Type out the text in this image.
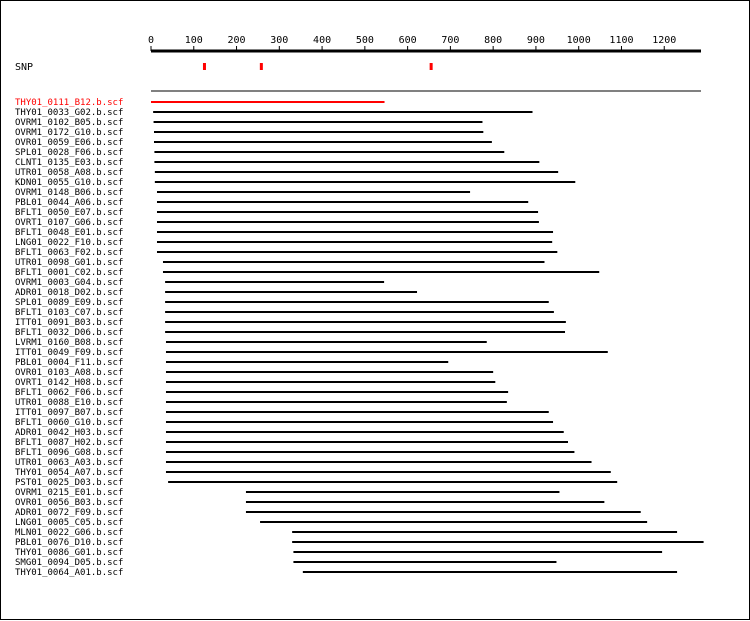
0	100 200 300 400 500 600 700 800 900 1000 1100 1200
SNP
THY01_0111_B12.b.scf
THY01_0033_G02.b.scf
OVRM1_0102_B05.b.scf
OVRM1_0172_G10.b.scf
OVR01_0059_E06.b.scf
SPL01_0028_F06.b.scf
CLNT1_0135_E03.b.scf
UTR01_0058_A08.b.scf
KDN01_0055_G10.b.scf
OVRM1_0148_B06.b.scf
PBL01_0044_A06.b.scf
BFLT1_0050_E07.b.scf
OVRT1_0107_G06.b.scf
BFLT1_0048_E01.b.scf
LNG01_0022_F10.b.scf
BFLT1_0063_F02.b.scf
UTR01_0098_G01.b.scf
BFLT1_0001_C02.b.scf
OVRM1_0003_G04.b.scf
ADR01_0018_D02.b.scf
SPL01_0089_E09.b.scf
BFLT1_0103_C07.b.scf
ITT01_0091_B03.b.scf
BFLT1_0032_D06.b.scf
LVRM1_0160_B08.b.scf
ITT01_0049_F09.b.scf
PBL01_0004_F11.b.scf
OVR01_0103_A08.b.scf
OVRT1_0142_H08.b.scf
BFLT1_0062_F06.b.scf
UTR01_0088_E10.b.scf
ITT01_0097_B07.b.scf
BFLT1_0060_G10.b.scf
ADR01_0042_H03.b.scf
BFLT1_0087_H02.b.scf
BFLT1_0096_G08.b.scf
UTR01_0063_A03.b.scf
THY01_0054_A07.b.scf
PST01_0025_D03.b.scf
OVRM1_0215_E01.b.scf
OVR01_0056_B03.b.scf
ADR01_0072_F09.b.scf
LNG01_0005_C05.b.scf
MLN01_0022_G06.b.scf
PBL01_0076_D10.b.scf
THY01_0086_G01.b.scf
SMG01_0094_D05.b.scf
THY01_0064_A01.b.scf
